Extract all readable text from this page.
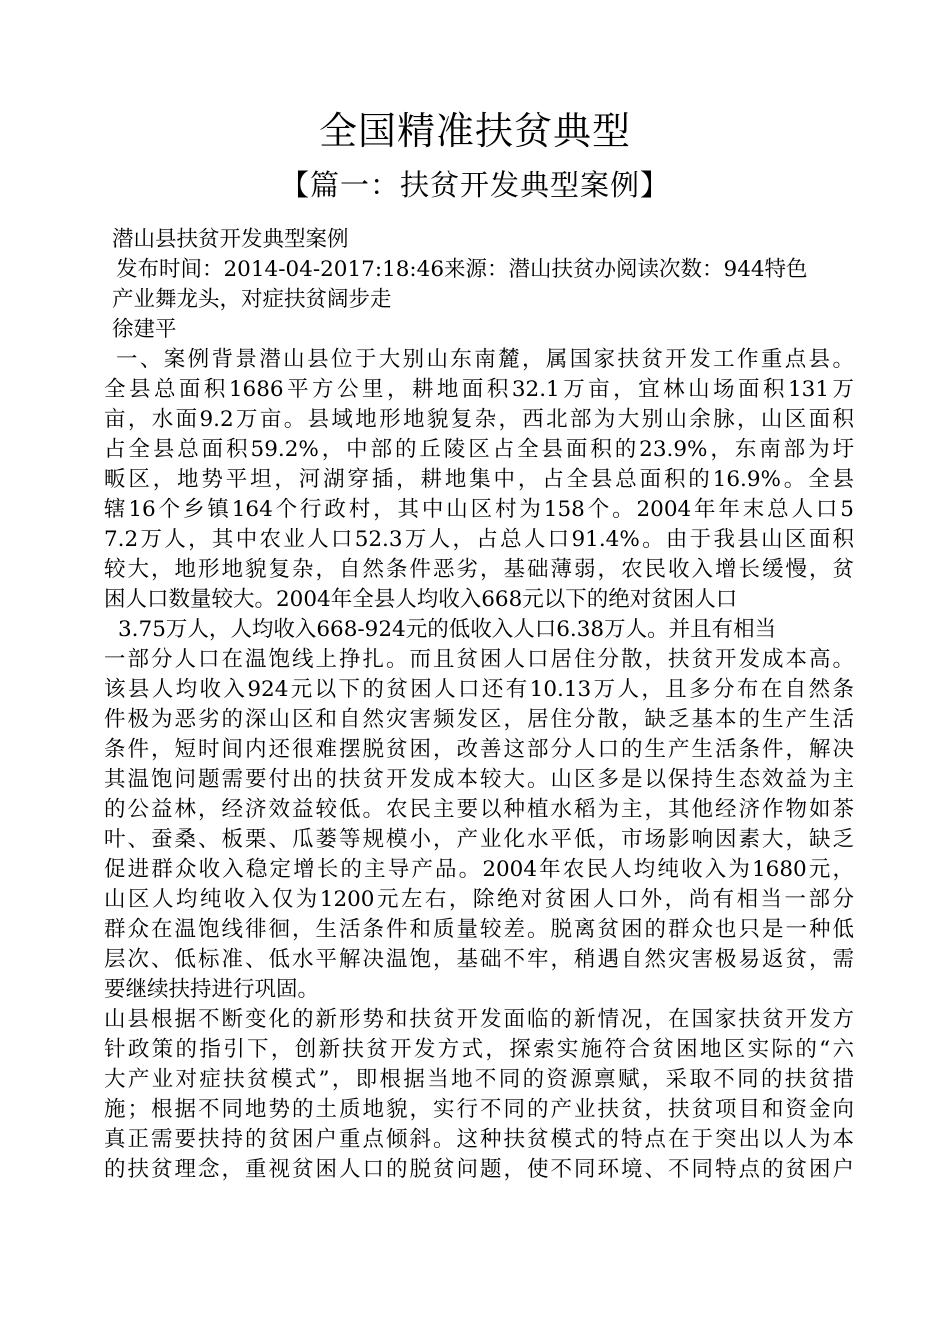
全国精准扶贫典型
【篇一：扶贫开发典型案例】
潜山县扶贫开发典型案例
发布时间：2014-04-2017:18:46来源：潜山扶贫办阅读次数：944特色
产业舞龙头，对症扶贫阔步走
徐建平
一、案例背景潜山县位于大别山东南麓，属国家扶贫开发工作重点县。
全县总面积1686平方公里，耕地面积32.1万亩，宜林山场面积131万
亩，水面9.2万亩。县域地形地貌复杂，西北部为大别山余脉，山区面积
占全县总面积59.2%，中部的丘陵区占全县面积的23.9%，东南部为圩
畈区，地势平坦，河湖穿插，耕地集中，占全县总面积的16.9%。全县
辖16个乡镇164个行政村，其中山区村为158个。2004年年末总人口5
7.2万人，其中农业人口52.3万人，占总人口91.4%。由于我县山区面积
较大，地形地貌复杂，自然条件恶劣，基础薄弱，农民收入增长缓慢，贫
困人口数量较大。2004年全县人均收入668元以下的绝对贫困人口
3.75万人，人均收入668-924元的低收入人口6.38万人。并且有相当
一部分人口在温饱线上挣扎。而且贫困人口居住分散，扶贫开发成本高。
该县人均收入924元以下的贫困人口还有10.13万人，且多分布在自然条
件极为恶劣的深山区和自然灾害频发区，居住分散，缺乏基本的生产生活
条件，短时间内还很难摆脱贫困，改善这部分人口的生产生活条件，解决
其温饱问题需要付出的扶贫开发成本较大。山区多是以保持生态效益为主
的公益林，经济效益较低。农民主要以种植水稻为主，其他经济作物如茶
叶、蚕桑、板栗、瓜蒌等规模小，产业化水平低，市场影响因素大，缺乏
促进群众收入稳定增长的主导产品。2004年农民人均纯收入为1680元，
山区人均纯收入仅为1200元左右，除绝对贫困人口外，尚有相当一部分
群众在温饱线徘徊，生活条件和质量较差。脱离贫困的群众也只是一种低
层次、低标准、低水平解决温饱，基础不牢，稍遇自然灾害极易返贫，需
要继续扶持进行巩固。
山县根据不断变化的新形势和扶贫开发面临的新情况，在国家扶贫开发方
针政策的指引下，创新扶贫开发方式，探索实施符合贫困地区实际的“六
大产业对症扶贫模式”，即根据当地不同的资源禀赋，采取不同的扶贫措
施；根据不同地势的土质地貌，实行不同的产业扶贫，扶贫项目和资金向
真正需要扶持的贫困户重点倾斜。这种扶贫模式的特点在于突出以人为本
的扶贫理念，重视贫困人口的脱贫问题，使不同环境、不同特点的贫困户
